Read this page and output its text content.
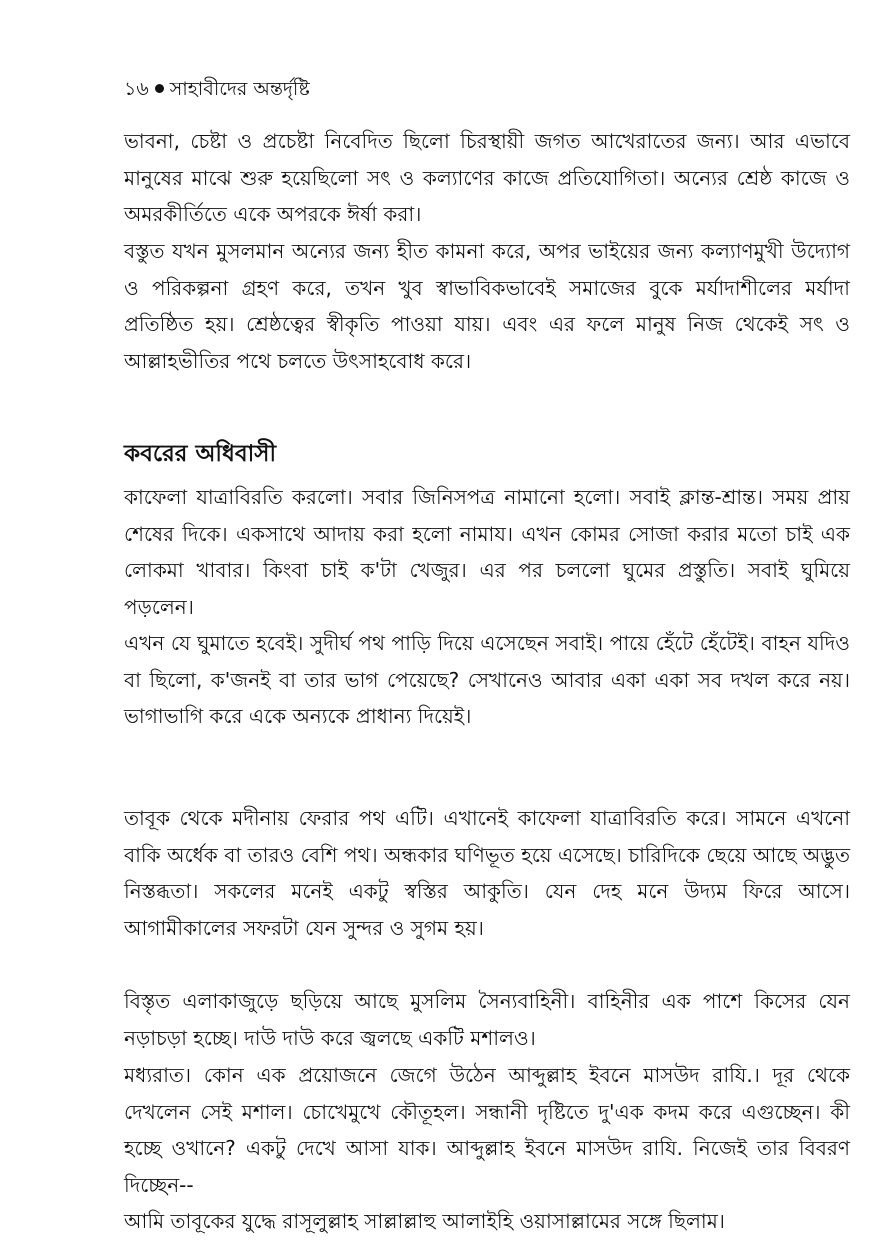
১৬ সাহাবীদের অন্তর্দৃষ্টি

ভাবনা, চেষ্টা ও প্রচেষ্টা নিবেদিত ছিলো চিরস্থায়ী জগত আখেরাতের জন্য। আর এভাবে মানুষের মাঝে শুরু হয়েছিলো সৎ ও কল্যাণের কাজে প্রতিযোগিতা। অন্যের শ্রেষ্ঠ কাজে ও অমরকীর্তিতে একে অপরকে ঈর্ষা করা।

বস্তুত যখন মুসলমান অন্যের জন্য হীত কামনা করে, অপর ভাইয়ের জন্য কল্যাণমুখী উদ্যোগ ও পরিকল্পনা গ্রহণ করে, তখন খুব স্বাভাবিকভাবেই সমাজের বুকে মর্যাদাশীলের মর্যাদা প্রতিষ্ঠিত হয়। শ্রেষ্ঠত্বের স্বীকৃতি পাওয়া যায়। এবং এর ফলে মানুষ নিজ থেকেই সৎ ও আল্লাহভীতির পথে চলতে উৎসাহবোধ করে।

কবরের অধিবাসী

কাফেলা যাত্রাবিরতি করলো। সবার জিনিসপত্র নামানো হলো। সবাই ক্লান্ত-শ্রান্ত। সময় প্রায় শেষের দিকে। একসাথে আদায় করা হলো নামায। এখন কোমর সোজা করার মতো চাই এক লোকমা খাবার। কিংবা চাই ক'টা খেজুর। এর পর চললো ঘুমের প্রস্তুতি। সবাই ঘুমিয়ে পড়লেন।

এখন যে ঘুমাতে হবেই। সুদীর্ঘ পথ পাড়ি দিয়ে এসেছেন সবাই। পায়ে হেঁটে হেঁটেই। বাহন যদিও বা ছিলো, ক'জনই বা তার ভাগ পেয়েছে? সেখানেও আবার একা একা সব দখল করে নয়। ভাগাভাগি করে একে অন্যকে প্রাধান্য দিয়েই।

তাবূক থেকে মদীনায় ফেরার পথ এটি। এখানেই কাফেলা যাত্রাবিরতি করে। সামনে এখনো বাকি অর্ধেক বা তারও বেশি পথ। অন্ধকার ঘণিভূত হয়ে এসেছে। চারিদিকে ছেয়ে আছে অদ্ভুত নিস্তব্ধতা। সকলের মনেই একটু স্বস্তির আকুতি। যেন দেহ মনে উদ্যম ফিরে আসে। আগামীকালের সফরটা যেন সুন্দর ও সুগম হয়।

বিস্তৃত এলাকাজুড়ে ছড়িয়ে আছে মুসলিম সৈন্যবাহিনী। বাহিনীর এক পাশে কিসের যেন নড়াচড়া হচ্ছে। দাউ দাউ করে জ্বলছে একটি মশালও।

মধ্যরাত। কোন এক প্রয়োজনে জেগে উঠেন আব্দুল্লাহ ইবনে মাসউদ রাযি.। দূর থেকে দেখলেন সেই মশাল। চোখেমুখে কৌতূহল। সন্ধানী দৃষ্টিতে দু'এক কদম করে এগুচ্ছেন। কী হচ্ছে ওখানে? একটু দেখে আসা যাক। আব্দুল্লাহ ইবনে মাসউদ রাযি. নিজেই তার বিবরণ দিচ্ছেন--

আমি তাবূকের যুদ্ধে রাসূলুল্লাহ সাল্লাল্লাহু আলাইহি ওয়াসাল্লামের সঙ্গে ছিলাম।
